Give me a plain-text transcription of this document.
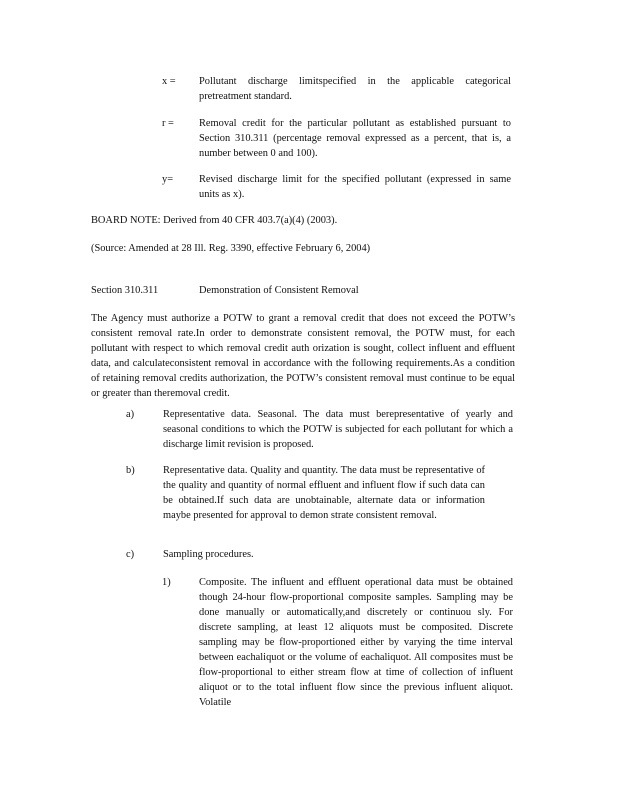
x = Pollutant discharge limitspecified in the applicable categorical pretreatment standard.

r = Removal credit for the particular pollutant as established pursuant to Section 310.311 (percentage removal expressed as a percent, that is, a number between 0 and 100).

y= Revised discharge limit for the specified pollutant (expressed in same units as x).

BOARD NOTE: Derived from 40 CFR 403.7(a)(4) (2003).

(Source: Amended at 28 Ill. Reg. 3390, effective February 6, 2004)

Section 310.311	Demonstration of Consistent Removal

The Agency must authorize a POTW to grant a removal credit that does not exceed the POTW’s consistent removal rate.In order to demonstrate consistent removal, the POTW must, for each pollutant with respect to which removal credit auth orization is sought, collect influent and effluent data, and calculateconsistent removal in accordance with the following requirements.As a condition of retaining removal credits authorization, the POTW’s consistent removal must continue to be equal or greater than theremoval credit.

a)	Representative data. Seasonal. The data must berepresentative of yearly and seasonal conditions to which the POTW is subjected for each pollutant for which a discharge limit revision is proposed.

b)	Representative data. Quality and quantity. The data must be representative of the quality and quantity of normal effluent and influent flow if such data can be obtained.If such data are unobtainable, alternate data or information maybe presented for approval to demon strate consistent removal.

c)	Sampling procedures.

1)	Composite. The influent and effluent operational data must be obtained though 24-hour flow-proportional composite samples. Sampling may be done manually or automatically,and discretely or continuou sly. For discrete sampling, at least 12 aliquots must be composited. Discrete sampling may be flow-proportioned either by varying the time interval between eachaliquot or the volume of eachaliquot. All composites must be flow-proportional to either stream flow at time of collection of influent aliquot or to the total influent flow since the previous influent aliquot. Volatile
